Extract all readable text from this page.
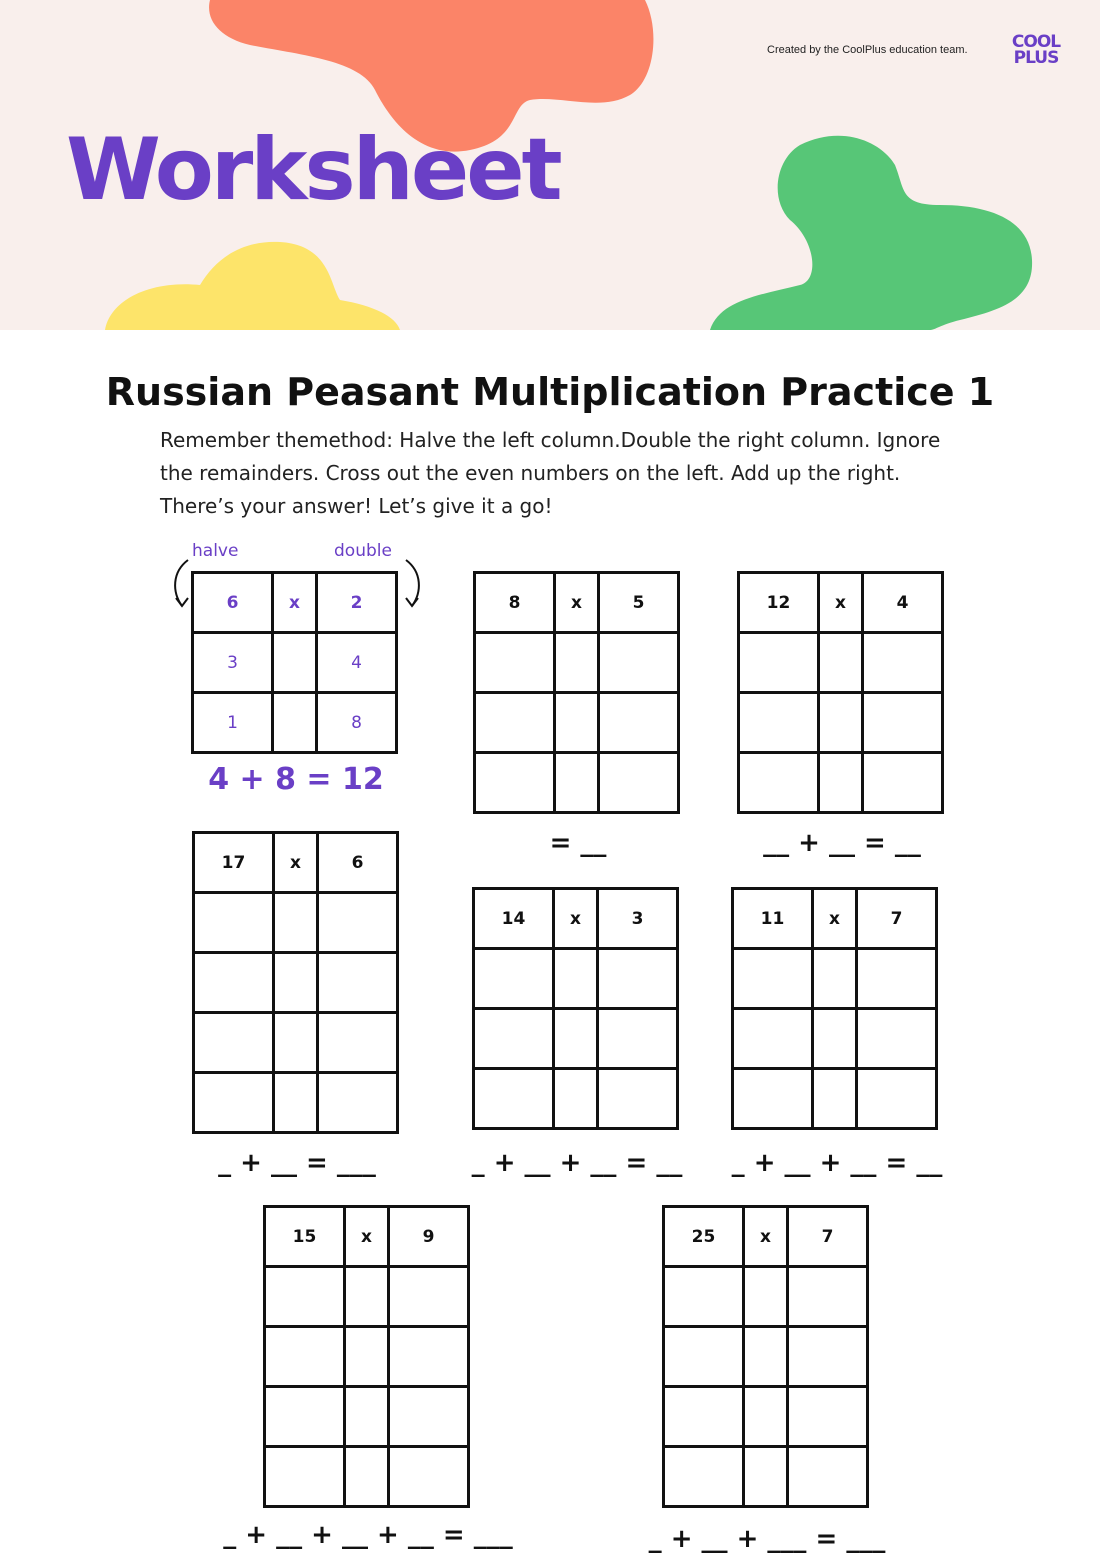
Created by the CoolPlus education team.	COOL
PLUS
Worksheet
Russian Peasant Multiplication Practice 1
Remember themethod: Halve the left column.Double the right column. Ignore the remainders. Cross out the even numbers on the left. Add up the right. There’s your answer! Let’s give it a go!
halve	double
6	x	2
3		4
1		8
4 + 8 = 12
8	x	5

= __
12	x	4

__ + __ = __
17	x	6

_ + __ = ___
14	x	3

_ + __ + __ = __
11	x	7

_ + __ + __ = __
15	x	9

_ + __ + __ + __ = ___
25	x	7

_ + __ + ___ = ___
